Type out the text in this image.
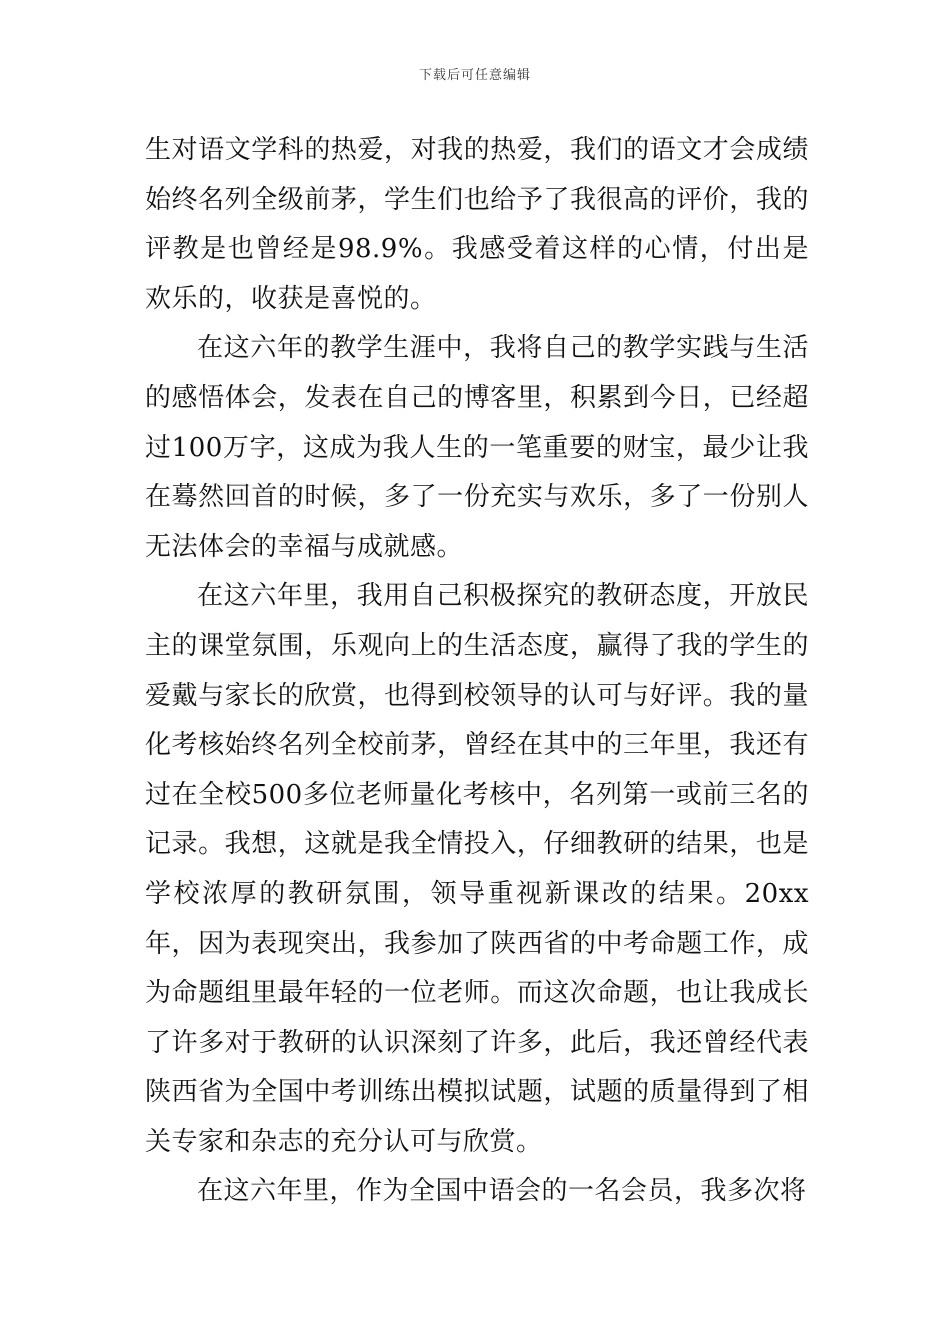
下载后可任意编辑

生对语文学科的热爱，对我的热爱，我们的语文才会成绩始终名列全级前茅，学生们也给予了我很高的评价，我的评教是也曾经是98.9%。我感受着这样的心情，付出是欢乐的，收获是喜悦的。

在这六年的教学生涯中，我将自己的教学实践与生活的感悟体会，发表在自己的博客里，积累到今日，已经超过100万字，这成为我人生的一笔重要的财宝，最少让我在蓦然回首的时候，多了一份充实与欢乐，多了一份别人无法体会的幸福与成就感。

在这六年里，我用自己积极探究的教研态度，开放民主的课堂氛围，乐观向上的生活态度，赢得了我的学生的爱戴与家长的欣赏，也得到校领导的认可与好评。我的量化考核始终名列全校前茅，曾经在其中的三年里，我还有过在全校500多位老师量化考核中，名列第一或前三名的记录。我想，这就是我全情投入，仔细教研的结果，也是学校浓厚的教研氛围，领导重视新课改的结果。20xx年，因为表现突出，我参加了陕西省的中考命题工作，成为命题组里最年轻的一位老师。而这次命题，也让我成长了许多对于教研的认识深刻了许多，此后，我还曾经代表陕西省为全国中考训练出模拟试题，试题的质量得到了相关专家和杂志的充分认可与欣赏。

在这六年里，作为全国中语会的一名会员，我多次将
